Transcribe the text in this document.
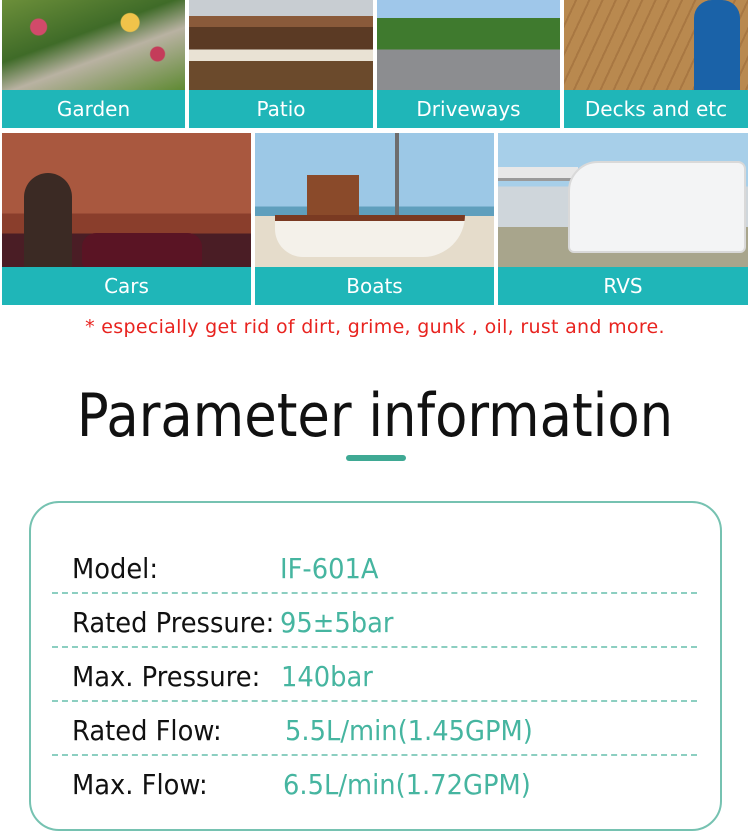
Garden	Patio	Driveways	Decks and etc
Cars	Boats	RVS
* especially get rid of dirt, grime, gunk , oil, rust and more.
Parameter information
Model:	IF-601A
Rated Pressure: 95±5bar
Max. Pressure: 140bar
Rated Flow: 5.5L/min(1.45GPM)
Max. Flow:	6.5L/min(1.72GPM)
